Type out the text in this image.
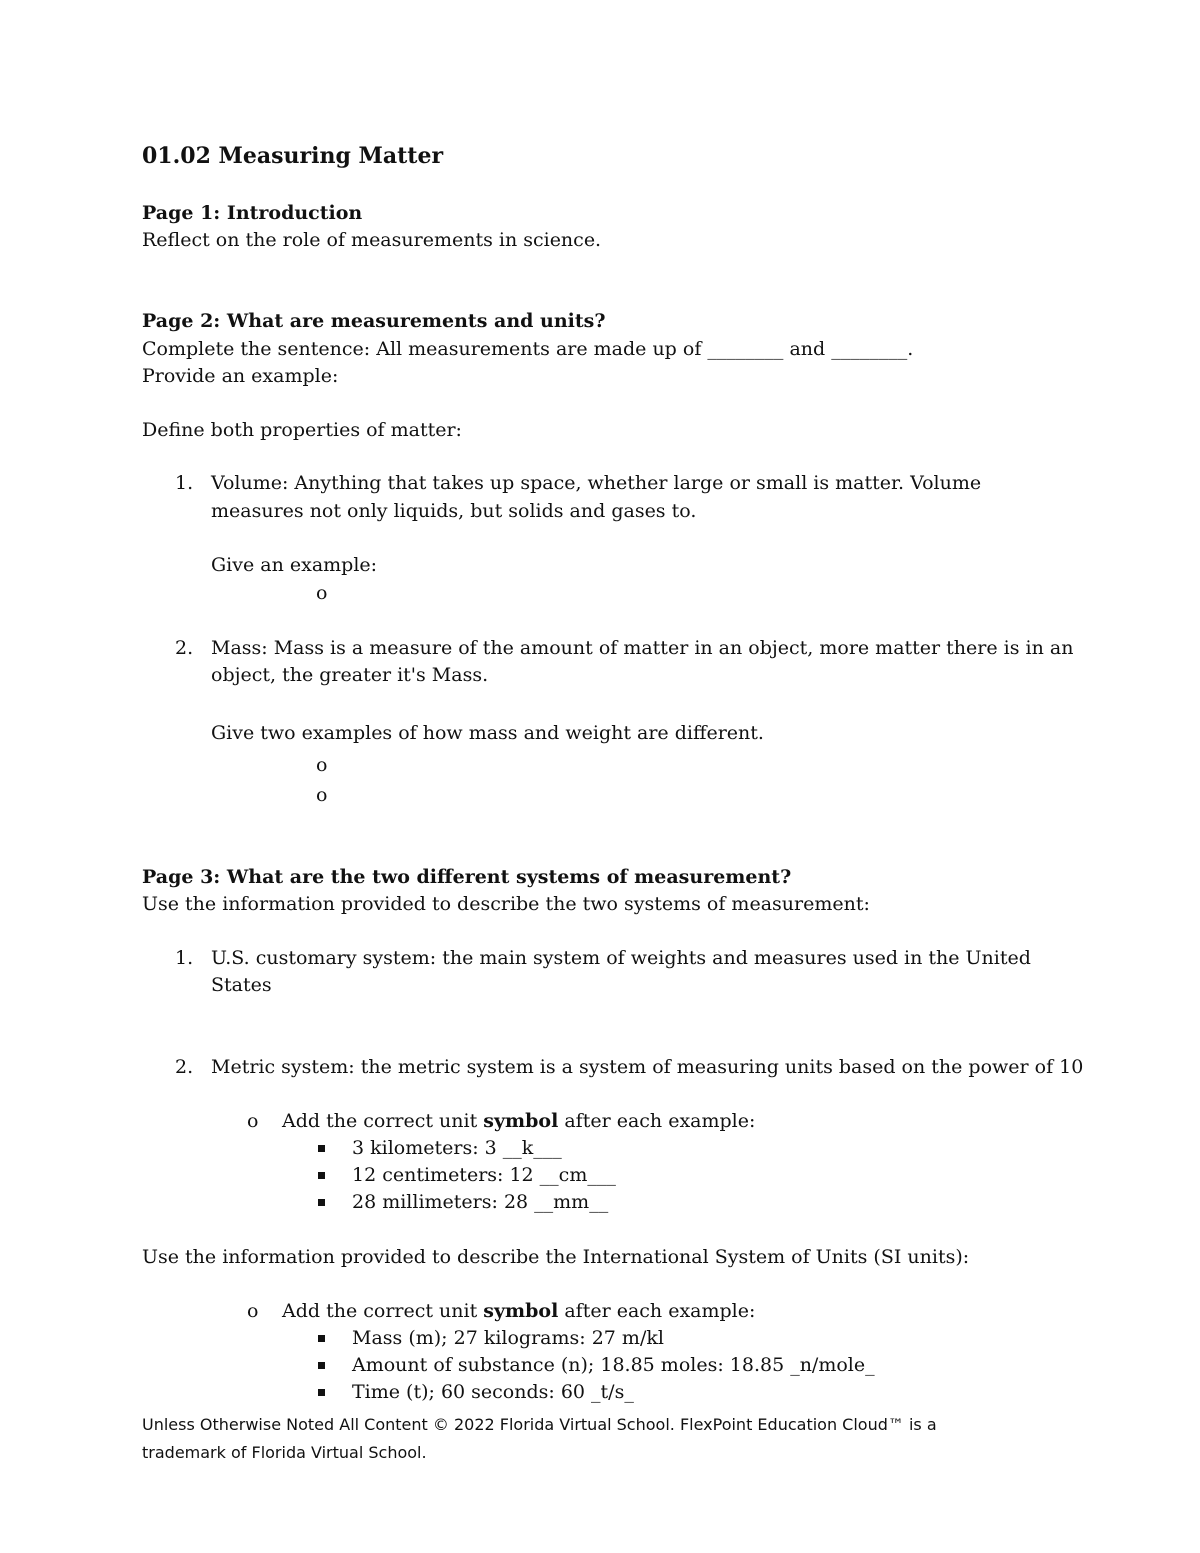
01.02 Measuring Matter
Page 1: Introduction
Reflect on the role of measurements in science.
Page 2: What are measurements and units?
Complete the sentence: All measurements are made up of ________ and ________.
Provide an example:
Define both properties of matter:
1. Volume: Anything that takes up space, whether large or small is matter. Volume
measures not only liquids, but solids and gases to.
Give an example:
o
2. Mass: Mass is a measure of the amount of matter in an object, more matter there is in an
object, the greater it's Mass.
Give two examples of how mass and weight are different.
o
o
Page 3: What are the two different systems of measurement?
Use the information provided to describe the two systems of measurement:
1. U.S. customary system: the main system of weights and measures used in the United
States
2. Metric system: the metric system is a system of measuring units based on the power of 10
o Add the correct unit symbol after each example:
3 kilometers: 3 __k___
12 centimeters: 12 __cm___
28 millimeters: 28 __mm__
Use the information provided to describe the International System of Units (SI units):
o Add the correct unit symbol after each example:
Mass (m); 27 kilograms: 27 m/kl
Amount of substance (n); 18.85 moles: 18.85 _n/mole_
Time (t); 60 seconds: 60 _t/s_
Unless Otherwise Noted All Content © 2022 Florida Virtual School. FlexPoint Education Cloud™ is a
trademark of Florida Virtual School.
